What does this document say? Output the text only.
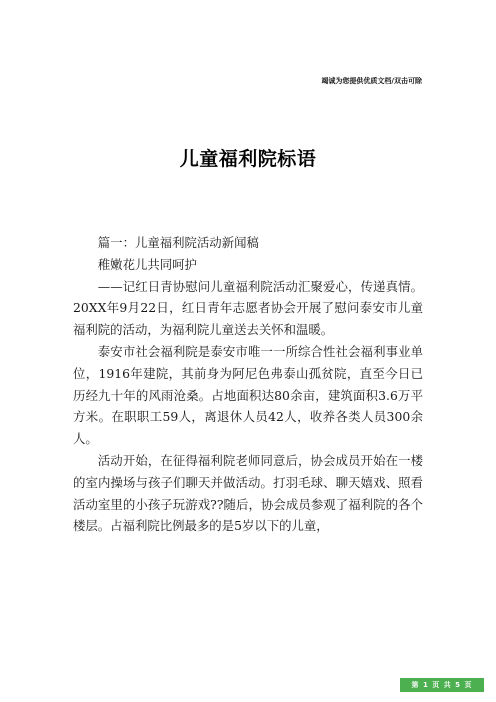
竭诚为您提供优质文档/双击可除
儿童福利院标语

篇一：儿童福利院活动新闻稿

稚嫩花儿共同呵护

——记红日青协慰问儿童福利院活动汇聚爱心，传递真情。20XX年9月22日，红日青年志愿者协会开展了慰问泰安市儿童福利院的活动，为福利院儿童送去关怀和温暖。

泰安市社会福利院是泰安市唯一一所综合性社会福利事业单位，1916年建院，其前身为阿尼色弗泰山孤贫院，直至今日已历经九十年的风雨沧桑。占地面积达80余亩，建筑面积3.6万平方米。在职职工59人，离退休人员42人，收养各类人员300余人。

活动开始，在征得福利院老师同意后，协会成员开始在一楼的室内操场与孩子们聊天并做活动。打羽毛球、聊天嬉戏、照看活动室里的小孩子玩游戏??随后，协会成员参观了福利院的各个楼层。占福利院比例最多的是5岁以下的儿童，

第 1 页 共 5 页
